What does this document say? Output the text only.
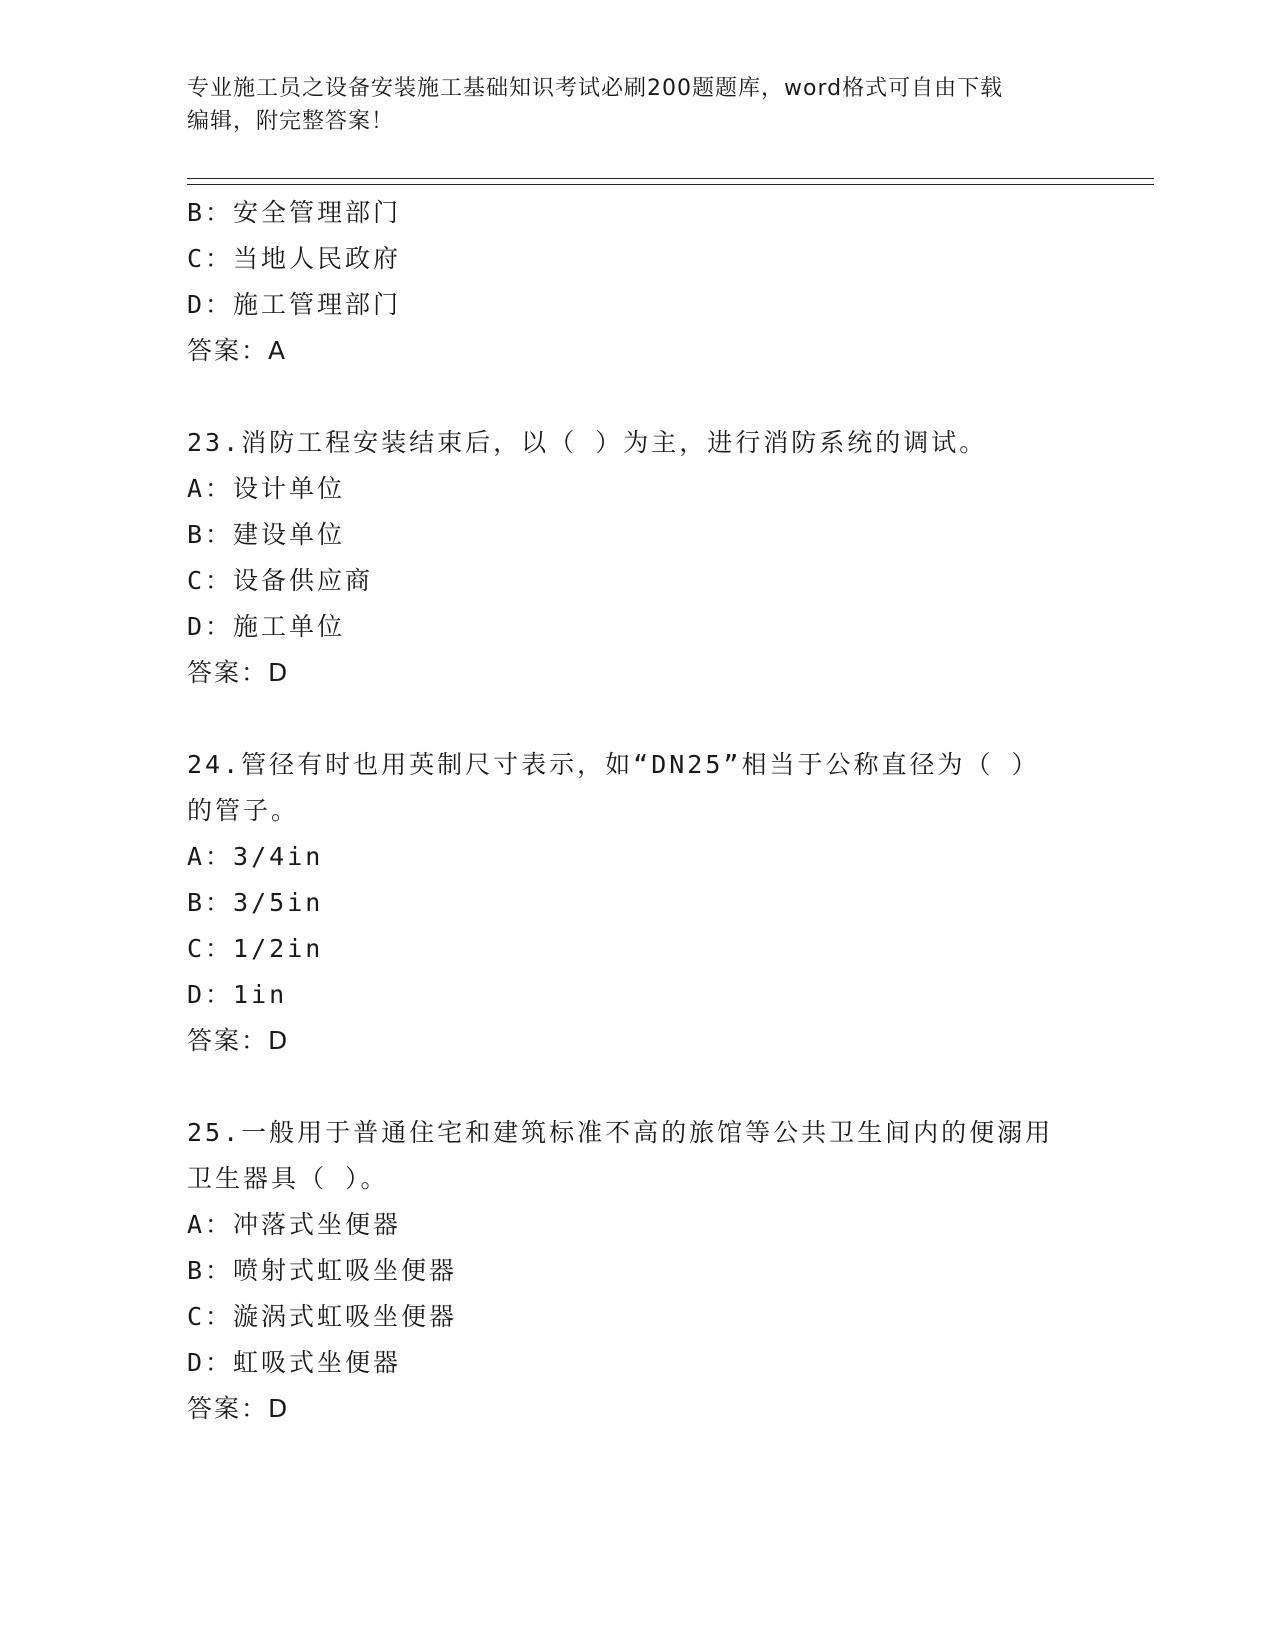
专业施工员之设备安装施工基础知识考试必刷200题题库，word格式可自由下载
编辑，附完整答案！
B：安全管理部门
C：当地人民政府
D：施工管理部门
答案：A
23.消防工程安装结束后，以（ ）为主，进行消防系统的调试。
A：设计单位
B：建设单位
C：设备供应商
D：施工单位
答案：D
24.管径有时也用英制尺寸表示，如“DN25”相当于公称直径为（ ）
的管子。
A：3/4in
B：3/5in
C：1/2in
D：1in
答案：D
25.一般用于普通住宅和建筑标准不高的旅馆等公共卫生间内的便溺用
卫生器具（ ）。
A：冲落式坐便器
B：喷射式虹吸坐便器
C：漩涡式虹吸坐便器
D：虹吸式坐便器
答案：D
